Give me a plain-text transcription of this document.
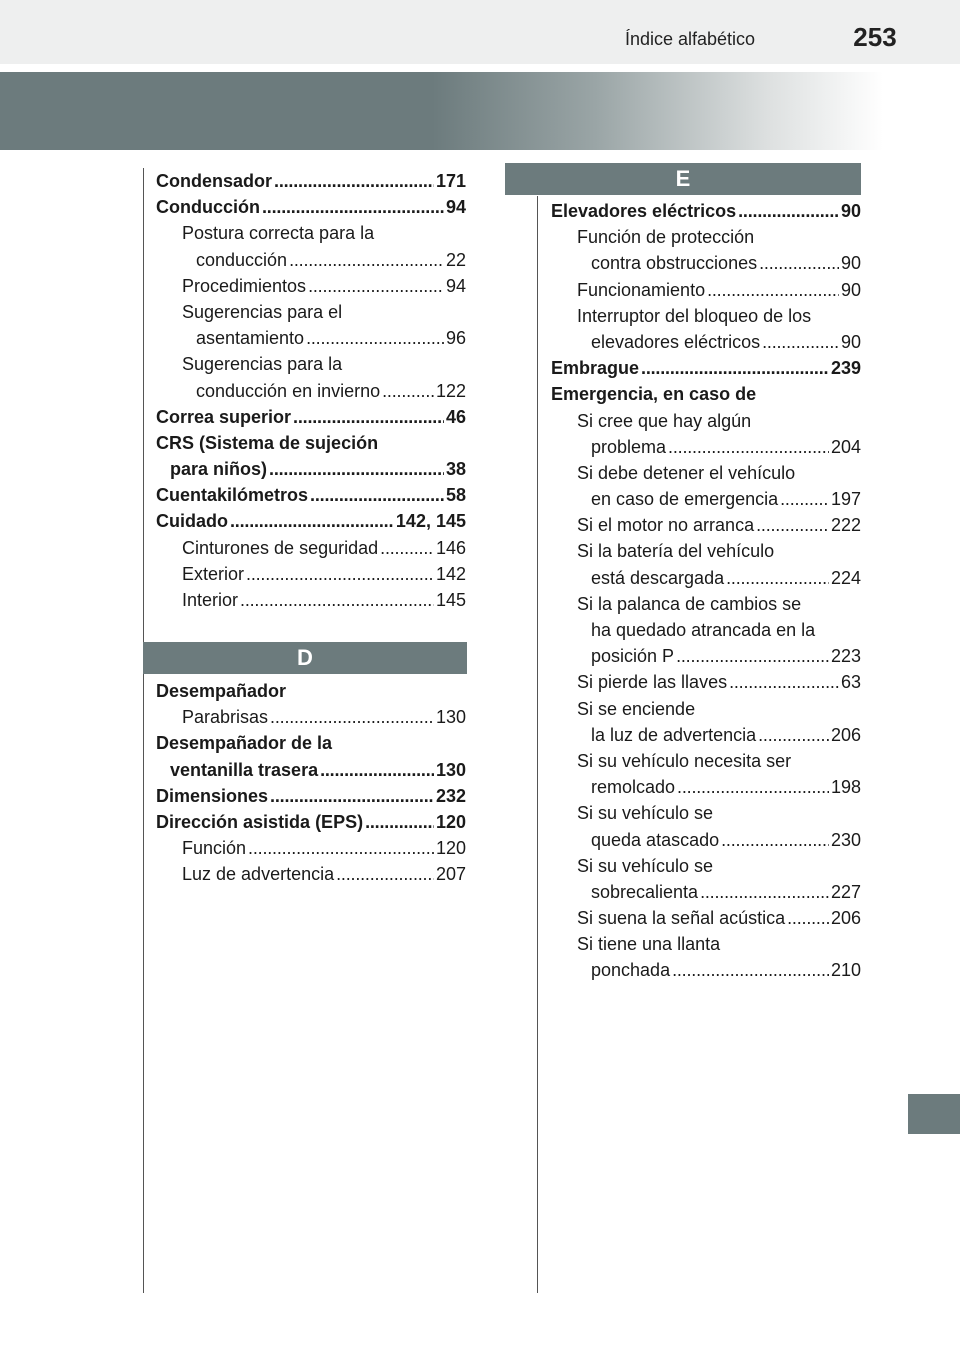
Índice alfabético	253
E
Condensador . . .	171
Conducción . . .	94
Postura correcta para la
conducción . . .	22
Procedimientos . . .	94
Sugerencias para el
asentamiento . . .	96
Sugerencias para la
conducción en invierno . . .	122
Correa superior . . .	46
CRS (Sistema de sujeción
para niños) . . .	38
Cuentakilómetros . . .	58
Cuidado . . .	142, 145
Cinturones de seguridad . . .	146
Exterior . . .	142
Interior . . .	145
D
Desempañador
Parabrisas . . .	130
Desempañador de la
ventanilla trasera . . .	130
Dimensiones . . .	232
Dirección asistida (EPS) . . .	120
Función . . .	120
Luz de advertencia . . .	207
Elevadores eléctricos . . .	90
Función de protección
contra obstrucciones . . .	90
Funcionamiento . . .	90
Interruptor del bloqueo de los
elevadores eléctricos . . .	90
Embrague . . .	239
Emergencia, en caso de
Si cree que hay algún
problema . . .	204
Si debe detener el vehículo
en caso de emergencia . . .	197
Si el motor no arranca . . .	222
Si la batería del vehículo
está descargada . . .	224
Si la palanca de cambios se
ha quedado atrancada en la
posición P . . .	223
Si pierde las llaves . . .	63
Si se enciende
la luz de advertencia . . .	206
Si su vehículo necesita ser
remolcado . . .	198
Si su vehículo se
queda atascado . . .	230
Si su vehículo se
sobrecalienta . . .	227
Si suena la señal acústica . . .	206
Si tiene una llanta
ponchada . . .	210
